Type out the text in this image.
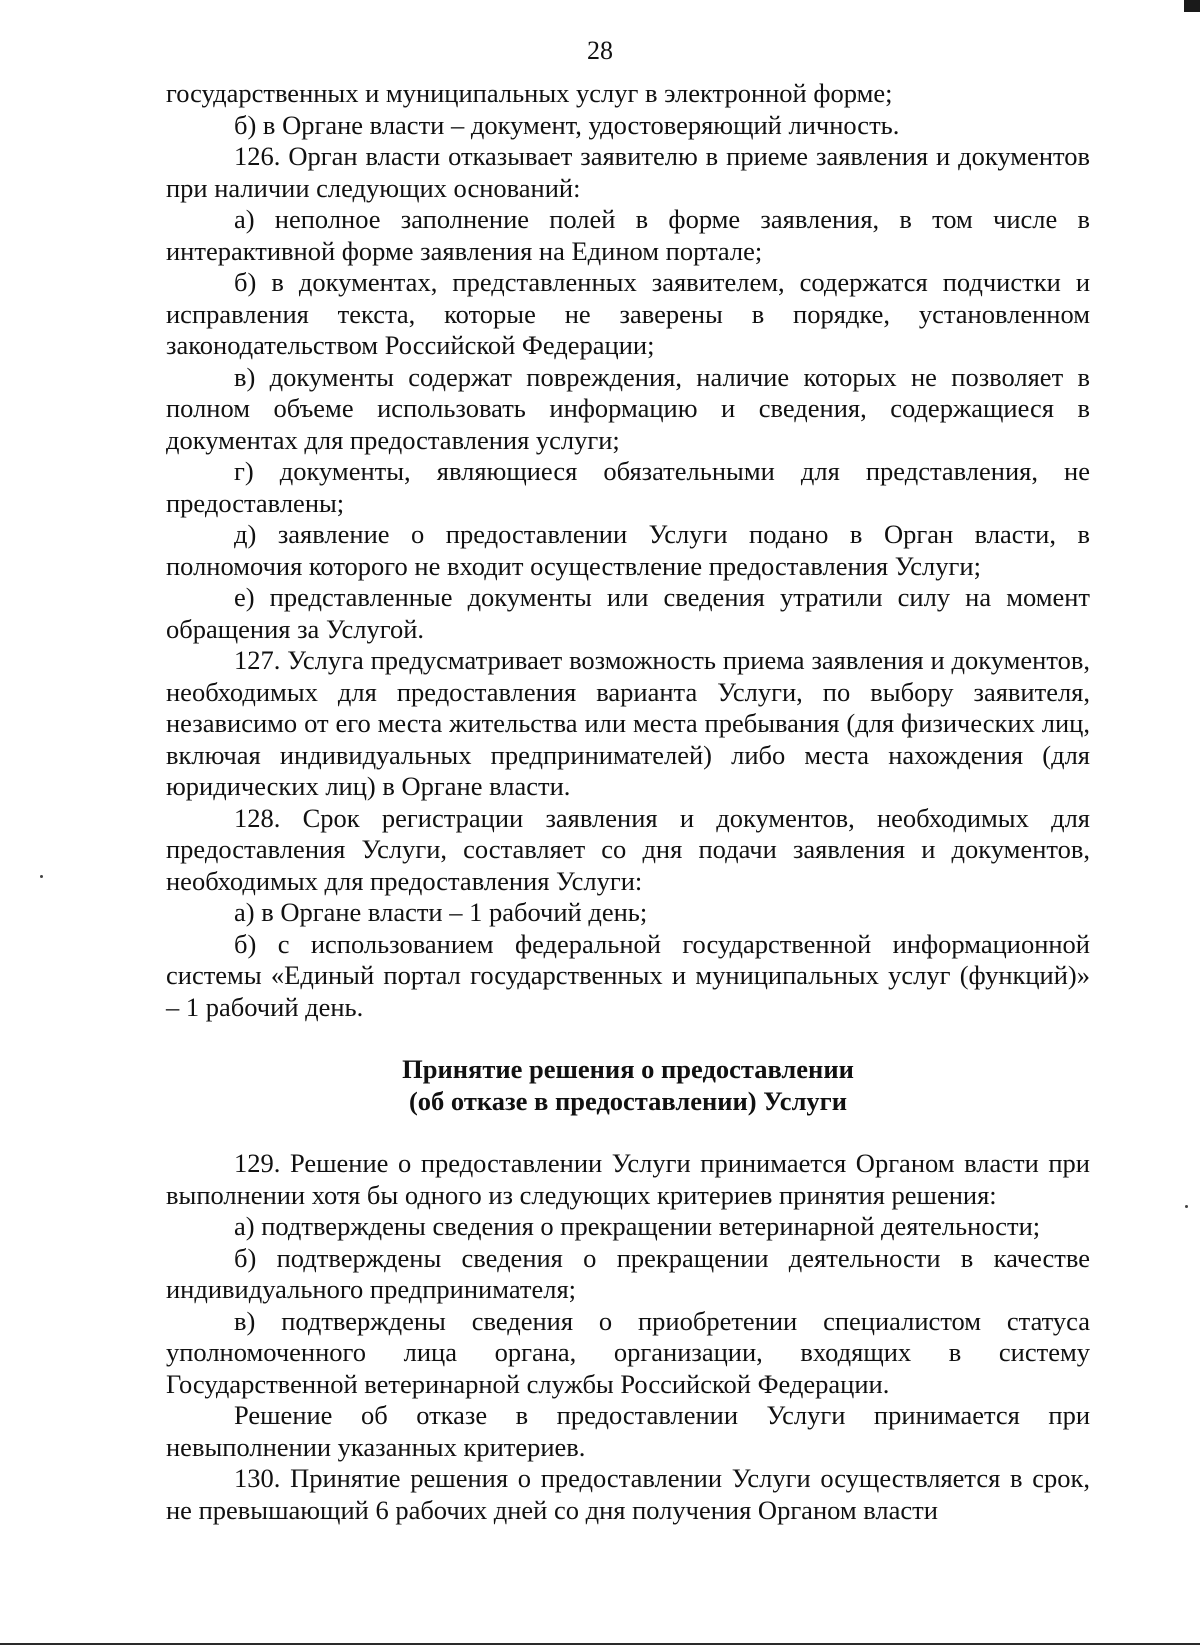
28

государственных и муниципальных услуг в электронной форме;

б) в Органе власти – документ, удостоверяющий личность.

126. Орган власти отказывает заявителю в приеме заявления и документов при наличии следующих оснований:

а) неполное заполнение полей в форме заявления, в том числе в интерактивной форме заявления на Едином портале;

б) в документах, представленных заявителем, содержатся подчистки и исправления текста, которые не заверены в порядке, установленном законодательством Российской Федерации;

в) документы содержат повреждения, наличие которых не позволяет в полном объеме использовать информацию и сведения, содержащиеся в документах для предоставления услуги;

г) документы, являющиеся обязательными для представления, не предоставлены;

д) заявление о предоставлении Услуги подано в Орган власти, в полномочия которого не входит осуществление предоставления Услуги;

е) представленные документы или сведения утратили силу на момент обращения за Услугой.

127. Услуга предусматривает возможность приема заявления и документов, необходимых для предоставления варианта Услуги, по выбору заявителя, независимо от его места жительства или места пребывания (для физических лиц, включая индивидуальных предпринимателей) либо места нахождения (для юридических лиц) в Органе власти.

128. Срок регистрации заявления и документов, необходимых для предоставления Услуги, составляет со дня подачи заявления и документов, необходимых для предоставления Услуги:

а) в Органе власти – 1 рабочий день;

б) с использованием федеральной государственной информационной системы «Единый портал государственных и муниципальных услуг (функций)» – 1 рабочий день.

Принятие решения о предоставлении
(об отказе в предоставлении) Услуги

129. Решение о предоставлении Услуги принимается Органом власти при выполнении хотя бы одного из следующих критериев принятия решения:

а) подтверждены сведения о прекращении ветеринарной деятельности;

б) подтверждены сведения о прекращении деятельности в качестве индивидуального предпринимателя;

в) подтверждены сведения о приобретении специалистом статуса уполномоченного лица органа, организации, входящих в систему Государственной ветеринарной службы Российской Федерации.

Решение об отказе в предоставлении Услуги принимается при невыполнении указанных критериев.

130. Принятие решения о предоставлении Услуги осуществляется в срок, не превышающий 6 рабочих дней со дня получения Органом власти
